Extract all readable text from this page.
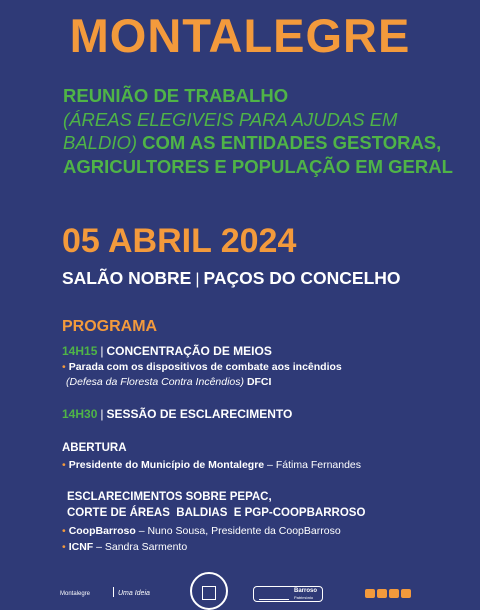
MONTALEGRE
REUNIÃO DE TRABALHO
(ÁREAS ELEGIVEIS PARA AJUDAS EM BALDIO) COM AS ENTIDADES GESTORAS, AGRICULTORES E POPULAÇÃO EM GERAL
05 ABRIL 2024
SALÃO NOBRE | PAÇOS DO CONCELHO
PROGRAMA
14H15 | CONCENTRAÇÃO DE MEIOS
• Parada com os dispositivos de combate aos incêndios
(Defesa da Floresta Contra Incêndios) DFCI
14H30 | SESSÃO DE ESCLARECIMENTO
ABERTURA
• Presidente do Município de Montalegre – Fátima Fernandes
ESCLARECIMENTOS SOBRE PEPAC,
CORTE DE ÁREAS  BALDIAS  E PGP-COOPBARROSO
• CoopBarroso – Nuno Sousa, Presidente da CoopBarroso
• ICNF – Sandra Sarmento
Montalegre	Uma Ideia	Barroso
Património
